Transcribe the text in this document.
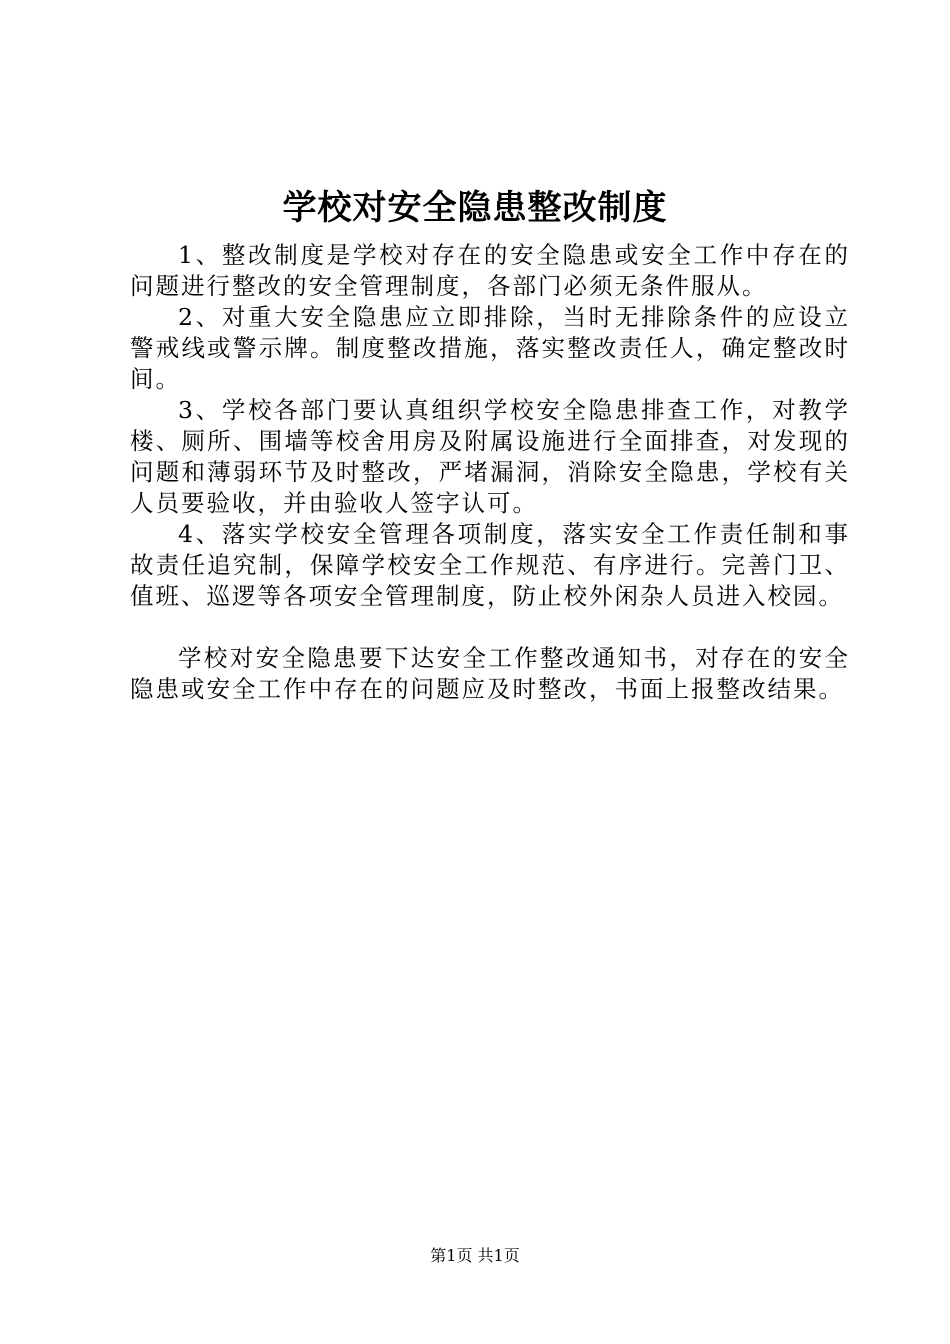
学校对安全隐患整改制度

1、整改制度是学校对存在的安全隐患或安全工作中存在的问题进行整改的安全管理制度，各部门必须无条件服从。

2、对重大安全隐患应立即排除，当时无排除条件的应设立警戒线或警示牌。制度整改措施，落实整改责任人，确定整改时间。

3、学校各部门要认真组织学校安全隐患排查工作，对教学楼、厕所、围墙等校舍用房及附属设施进行全面排查，对发现的问题和薄弱环节及时整改，严堵漏洞，消除安全隐患，学校有关人员要验收，并由验收人签字认可。

4、落实学校安全管理各项制度，落实安全工作责任制和事故责任追究制，保障学校安全工作规范、有序进行。完善门卫、值班、巡逻等各项安全管理制度，防止校外闲杂人员进入校园。

学校对安全隐患要下达安全工作整改通知书，对存在的安全隐患或安全工作中存在的问题应及时整改，书面上报整改结果。

第1页 共1页
